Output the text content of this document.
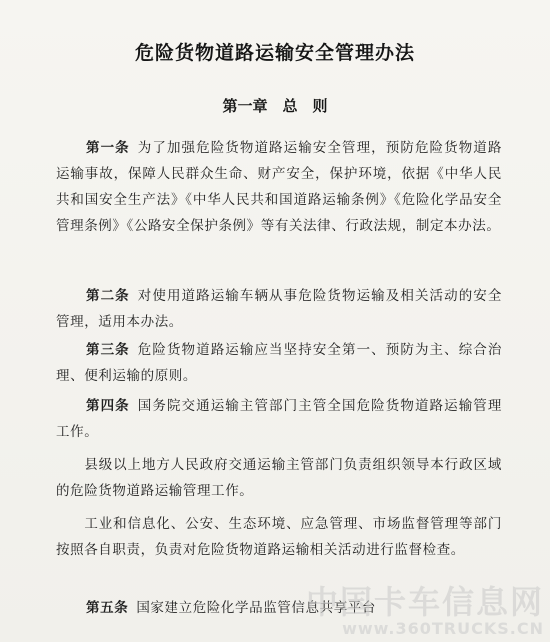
危险货物道路运输安全管理办法
第一章　总　则
第一条 为了加强危险货物道路运输安全管理，预防危险货物道路运输事故，保障人民群众生命、财产安全，保护环境，依据《中华人民共和国安全生产法》《中华人民共和国道路运输条例》《危险化学品安全管理条例》《公路安全保护条例》等有关法律、行政法规，制定本办法。
第二条 对使用道路运输车辆从事危险货物运输及相关活动的安全管理，适用本办法。
第三条 危险货物道路运输应当坚持安全第一、预防为主、综合治理、便利运输的原则。
第四条 国务院交通运输主管部门主管全国危险货物道路运输管理工作。
县级以上地方人民政府交通运输主管部门负责组织领导本行政区域的危险货物道路运输管理工作。
工业和信息化、公安、生态环境、应急管理、市场监督管理等部门按照各自职责，负责对危险货物道路运输相关活动进行监督检查。
第五条 国家建立危险化学品监管信息共享平台
中国卡车信息网
www.360TRUCKS.CN
